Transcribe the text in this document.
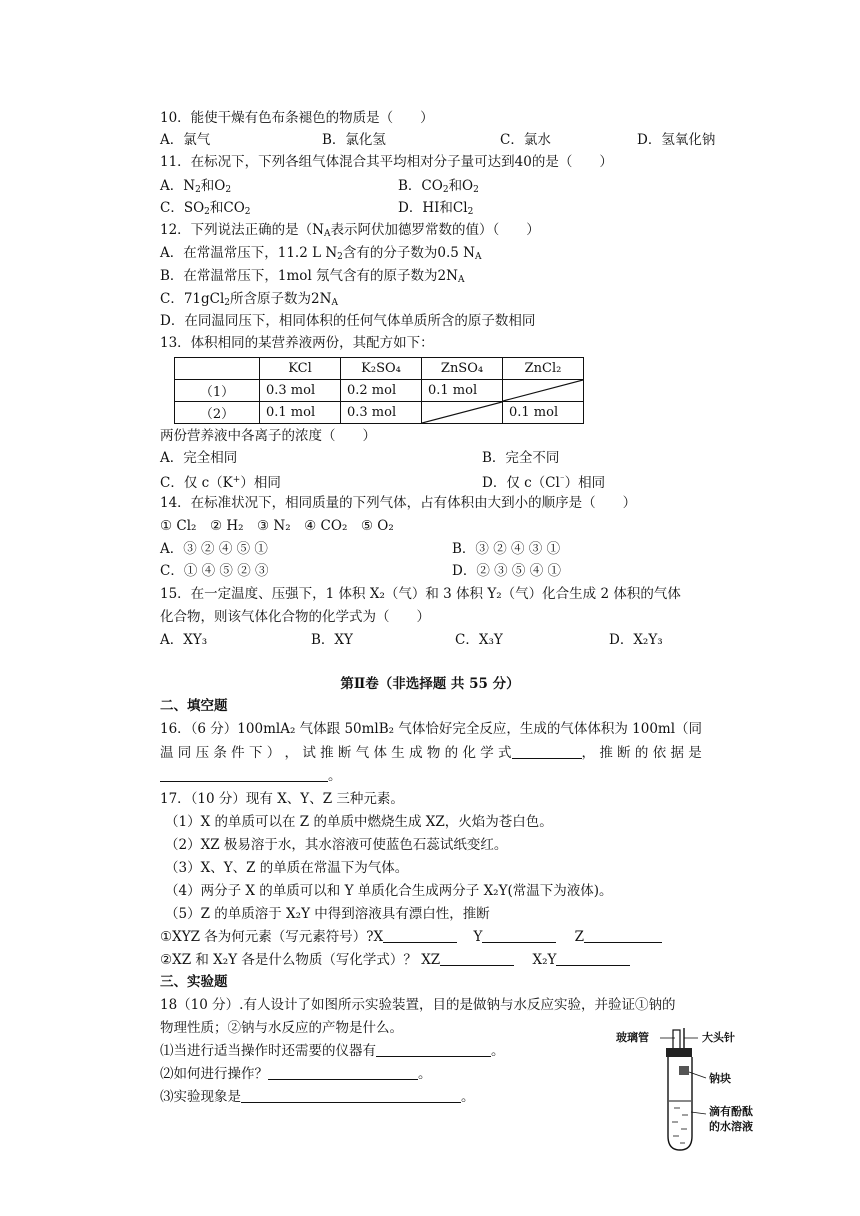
10．能使干燥有色布条褪色的物质是（　　）
A．氯气	B．氯化氢	C．氯水	D．氢氧化钠
11．在标况下，下列各组气体混合其平均相对分子量可达到40的是（　　）
A．$N_2$和$O_2$	B．$CO_2$和$O_2$
C．$SO_2$和$CO_2$	D．HI和$Cl_2$
12．下列说法正确的是（$N_A$表示阿伏加德罗常数的值）（　　）
A．在常温常压下，11.2 L $N_2$含有的分子数为0.5 $N_A$
B．在常温常压下，1mol 氖气含有的原子数为$2N_A$
C．71gCl$_2$所含原子数为$2N_A$
D．在同温同压下，相同体积的任何气体单质所含的原子数相同
13．体积相同的某营养液两份，其配方如下：
	KCl	K₂SO₄	ZnSO₄	ZnCl₂
（1）	0.3 mol	0.2 mol	0.1 mol	

（2）	0.1 mol	0.3 mol		0.1 mol
两份营养液中各离子的浓度（　　）
A．完全相同	B．完全不同
C．仅 c（K+）相同	D．仅 c（Cl⁻）相同
14．在标准状况下，相同质量的下列气体，占有体积由大到小的顺序是（　　）
① Cl₂　② H₂　③ N₂　④ CO₂　⑤ O₂
A．③ ② ④ ⑤ ①	B．③ ② ④ ③ ①
C．① ④ ⑤ ② ③	D．② ③ ⑤ ④ ①
15．在一定温度、压强下，1 体积 X₂（气）和 3 体积 Y₂（气）化合生成 2 体积的气体
化合物，则该气体化合物的化学式为（　　）
A．XY₃	B．XY	C．X₃Y	D．X₂Y₃
第Ⅱ卷（非选择题 共 55 分）
二、填空题
16．（6 分）100mlA₂ 气体跟 50mlB₂ 气体恰好完全反应，生成的气体体积为 100ml（同
温 同 压 条 件 下 ） ， 试 推 断 气 体 生 成 物 的 化 学 式	， 推 断 的 依 据 是
。
17．（10 分）现有 X、Y、Z 三种元素。
（1）X 的单质可以在 Z 的单质中燃烧生成 XZ，火焰为苍白色。
（2）XZ 极易溶于水，其水溶液可使蓝色石蕊试纸变红。
（3）X、Y、Z 的单质在常温下为气体。
（4）两分子 X 的单质可以和 Y 单质化合生成两分子 X₂Y(常温下为液体)。
（5）Z 的单质溶于 X₂Y 中得到溶液具有漂白性，推断
①XYZ 各为何元素（写元素符号）?X	Y	Z
②XZ 和 X₂Y 各是什么物质（写化学式）？ XZ	X₂Y
三、实验题
18（10 分）.有人设计了如图所示实验装置，目的是做钠与水反应实验，并验证①钠的
物理性质；②钠与水反应的产物是什么。
⑴当进行适当操作时还需要的仪器有	。
⑵如何进行操作？	。
⑶实验现象是	。
玻璃管	大头针
钠块
滴有酚酞
的水溶液
